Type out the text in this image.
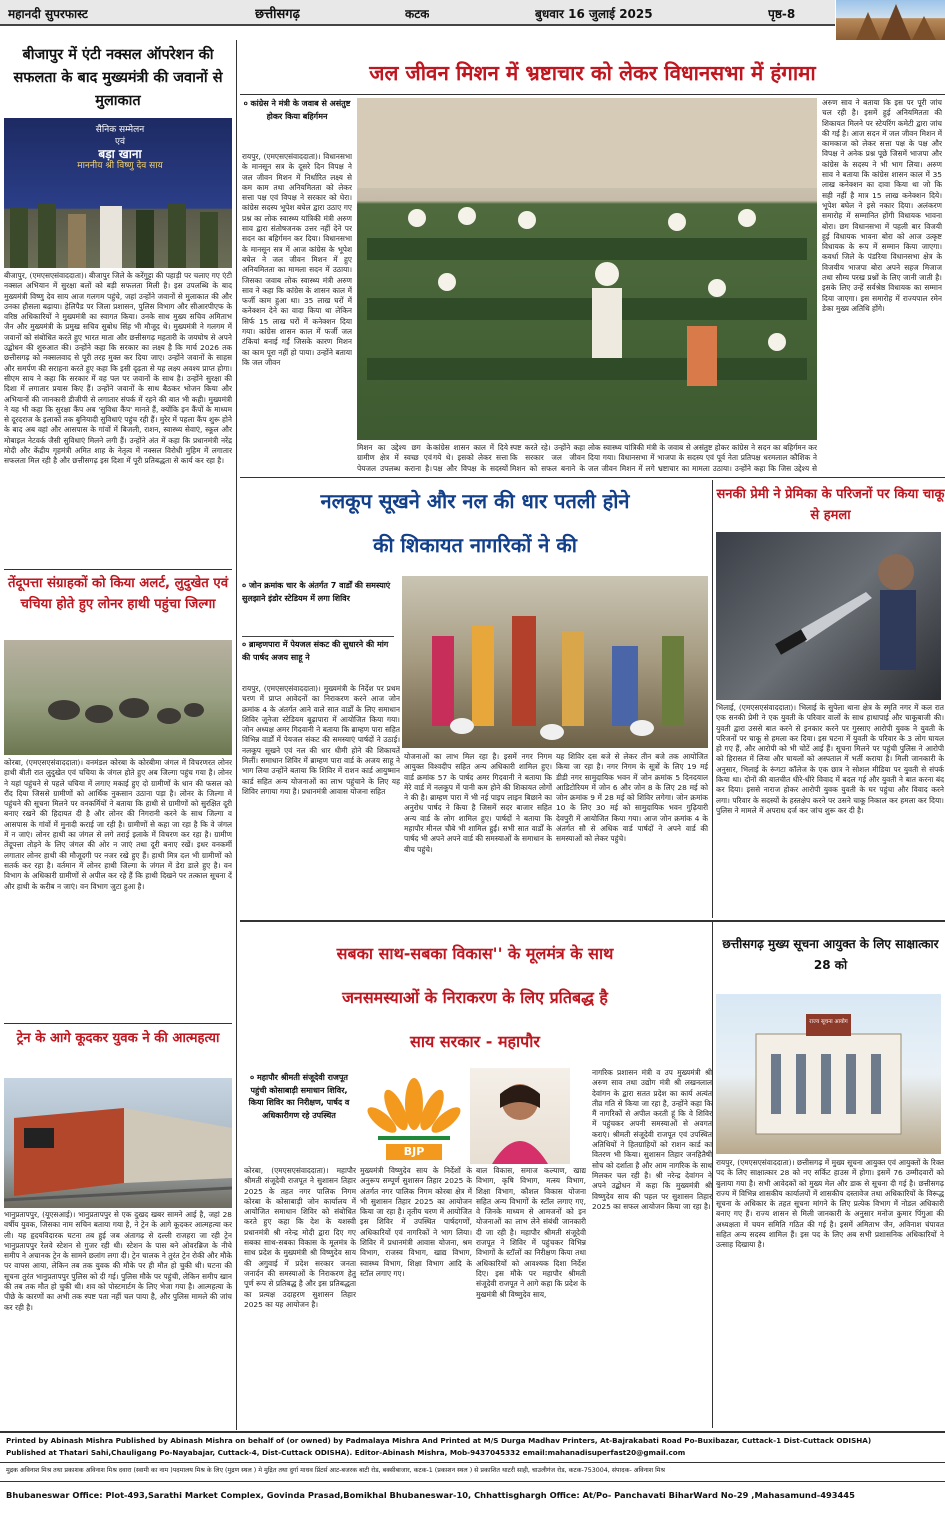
महानदी सुपरफास्ट	छत्तीसगढ़	कटक	बुधवार 16 जुलाई 2025	पृष्ठ-8
जल जीवन मिशन में भ्रष्टाचार को लेकर विधानसभा में हंगामा
बीजापुर में एंटी नक्सल ऑपरेशन की सफलता के बाद मुख्यमंत्री की जवानों से मुलाकात
सैनिक सम्मेलन
एवं
बड़ा खाना
माननीय श्री विष्णु देव साय
बीजापुर, (एमएसएसंवाददाता)। बीजापुर जिले के करेंगुट्टा की पहाड़ी पर चलाए गए एंटी नक्सल अभियान में सुरक्षा बलों को बड़ी सफलता मिली है। इस उपलब्धि के बाद मुख्यमंत्री विष्णु देव साय आज गलगम पहुंचे, जहां उन्होंने जवानों से मुलाकात की और उनका हौसला बढ़ाया। हेलिपैड पर जिला प्रशासन, पुलिस विभाग और सीआरपीएफ के वरिष्ठ अधिकारियों ने मुख्यमंत्री का स्वागत किया। उनके साथ मुख्य सचिव अमिताभ जैन और मुख्यमंत्री के प्रमुख सचिव सुबोध सिंह भी मौजूद थे। मुख्यमंत्री ने गलगम में जवानों को संबोधित करते हुए भारत माता और छत्तीसगढ़ महतारी के जयघोष से अपने उद्बोधन की शुरुआत की। उन्होंने कहा कि सरकार का लक्ष्य है कि मार्च 2026 तक छत्तीसगढ़ को नक्सलवाद से पूरी तरह मुक्त कर दिया जाए। उन्होंने जवानों के साहस और समर्पण की सराहना करते हुए कहा कि इसी दृढ़ता से यह लक्ष्य अवश्य प्राप्त होगा। सीएम साय ने कहा कि सरकार में वह पल पर जवानों के साथ है। उन्होंने सुरक्षा की दिशा में लगातार प्रयास किए हैं। उन्होंने जवानों के साथ बैठकर भोजन किया और अभियानों की जानकारी डीजीपी से लगातार संपर्क में रहने की बात भी कही। मुख्यमंत्री ने यह भी कहा कि सुरक्षा कैंप अब 'सुविधा कैंप' मानते हैं, क्योंकि इन कैंपों के माध्यम से दूरदराज के इलाकों तक बुनियादी सुविधाएं पहुंच रही हैं। मुरेर में पहला कैंप शुरू होने के बाद अब वहां और आसपास के गांवों में बिजली, राशन, स्वास्थ्य सेवाएं, स्कूल और मोबाइल नेटवर्क जैसी सुविधाएं मिलने लगी हैं। उन्होंने अंत में कहा कि प्रधानमंत्री नरेंद्र मोदी और केंद्रीय गृहमंत्री अमित शाह के नेतृत्व में नक्सल विरोधी मुहिम में लगातार सफलता मिल रही है और छत्तीसगढ़ इस दिशा में पूरी प्रतिबद्धता से कार्य कर रहा है।
तेंदूपत्ता संग्राहकों को किया अलर्ट, लुदुखेत एवं चचिया होते हुए लोनर हाथी पहुंचा जिल्गा
कोरबा, (एमएसएसंवाददाता)। वनमंडल कोरबा के कोरबीमा जंगल में विचरणरत लोनर हाथी बीती रात लुदुखेत एवं चचिया के जंगल होते हुए अब जिल्गा पहुंच गया है। लोनर ने यहां पहुंचने से पहले चचिया में लगाए मकाई हुए दो ग्रामीणों के धान की फसल को रौंद दिया जिससे ग्रामीणों को आर्थिक नुकसान उठाना पड़ा है। लोनर के जिल्गा में पहुंचने की सूचना मिलने पर वनकर्मियों ने बताया कि हाथी से ग्रामीणों को सुरक्षित दूरी बनाए रखने की हिदायत दी है और लोनर की निगरानी करने के साथ जिल्गा व आसपास के गांवों में मुनादी कराई जा रही है। ग्रामीणों से कहा जा रहा है कि वे जंगल में न जाएं। लोनर हाथी का जंगल से लगे तराई इलाके में विचरण कर रहा है। ग्रामीण तेंदूपत्ता तोड़ने के लिए जंगल की ओर न जाएं तथा दूरी बनाए रखें। इधर वनकर्मी लगातार लोनर हाथी की मौजूदगी पर नजर रखे हुए हैं। हाथी मित्र दल भी ग्रामीणों को सतर्क कर रहा है। वर्तमान में लोनर हाथी जिल्गा के जंगल में डेरा डाले हुए है। वन विभाग के अधिकारी ग्रामीणों से अपील कर रहे हैं कि हाथी दिखने पर तत्काल सूचना दें और हाथी के करीब न जाएं। वन विभाग जुटा हुआ है।
ट्रेन के आगे कूदकर युवक ने की आत्महत्या
भानुप्रतापपुर, (यूएसआई)। भानुप्रतापपुर से एक दुखद खबर सामने आई है, जहां 28 वर्षीय युवक, जिसका नाम सचिन बताया गया है, ने ट्रेन के आगे कूदकर आत्महत्या कर ली। यह हृदयविदारक घटना तब हुई जब अंतागढ़ से दल्ली राजहरा जा रही ट्रेन भानुप्रतापपुर रेलवे स्टेशन से गुजर रही थी। स्टेशन के पास बने ओवरब्रिज के नीचे समीप ने अचानक ट्रेन के सामने छलांग लगा दी। ट्रेन चालक ने तुरंत ट्रेन रोकी और मौके पर वापस आया, लेकिन तब तक युवक की मौके पर ही मौत हो चुकी थी। घटना की सूचना तुरंत भानुप्रतापपुर पुलिस को दी गई। पुलिस मौके पर पहुंची, लेकिन समीप खान की तब तक मौत हो चुकी थी। शव को पोस्टमार्टम के लिए भेजा गया है। आत्महत्या के पीछे के कारणों का अभी तक स्पष्ट पता नहीं चल पाया है, और पुलिस मामले की जांच कर रही है।
० कांग्रेस ने मंत्री के जवाब से असंतुष्ट होकर किया बहिर्गमन
रायपुर, (एमएसएसंवाददाता)। विधानसभा के मानसून सत्र के दूसरे दिन विपक्ष ने जल जीवन मिशन में निर्धारित लक्ष्य से कम काम तथा अनियमितता को लेकर सत्ता पक्ष एवं विपक्ष ने सरकार को घेरा। कांग्रेस सदस्य भूपेश बघेल द्वारा उठाए गए प्रश्न का लोक स्वास्थ्य यांत्रिकी मंत्री अरुण साव द्वारा संतोषजनक उत्तर नहीं देने पर सदन का बहिर्गमन कर दिया। विधानसभा के मानसून सत्र में आज कांग्रेस के भूपेश बघेल ने जल जीवन मिशन में हुए अनियमितता का मामला सदन में उठाया। जिसका जवाब लोक स्वास्थ्य मंत्री अरुण साव ने कहा कि कांग्रेस के शासन काल में फर्जी काम हुआ था। 35 लाख घरों में कनेक्शन देने का वादा किया था लेकिन सिर्फ 15 लाख घरों में कनेक्शन दिया गया। कांग्रेस शासन काल में फर्जी जल टंकियां बनाई गईं जिसके कारण मिशन का काम पूरा नहीं हो पाया। उन्होंने बताया कि जल जीवन
मिशन का उद्देश्य छग के ग्रामीण क्षेत्र में स्वच्छ एवं पेयजल उपलब्ध कराना है।
कांग्रेस शासन काल में दिये गये थे। इसको लेकर सत्ता पक्ष और विपक्ष के सदस्यों
स्पष्ट करते रहे। उन्होंने कहा कि सरकार जल जीवन मिशन को सफल बनाने के
लोक स्वास्थ्य यांत्रिकी मंत्री के जवाब से असंतुष्ट होकर कांग्रेस ने सदन का बहिर्गमन कर दिया गया। विधानसभा में भाजपा के सदस्य एवं पूर्व नेता प्रतिपक्ष धरमलाल कौशिक ने जल जीवन मिशन में लगे भ्रष्टाचार का मामला उठाया। उन्होंने कहा कि जिस उद्देश्य से
अरुण साव ने बताया कि इस पर पूरी जांच चल रही है। इसमें हुई अनियमितता की शिकायत मिलने पर स्टेयरिंग कमेटी द्वारा जांच की गई है। आज सदन में जल जीवन मिशन में कामकाज को लेकर सत्ता पक्ष के पक्ष और विपक्ष ने अनेक प्रश्न पूछे जिसमें भाजपा और कांग्रेस के सदस्य ने भी भाग लिया। अरुण साव ने बताया कि कांग्रेस शासन काल में 35 लाख कनेक्शन का दावा किया था जो कि सही नहीं है मात्र 15 लाख कनेक्शन दिये। भूपेश बघेल ने इसे नकार दिया। अलंकरण समारोह में सम्मानित होंगी विधायक भावना बोरा। छग विधानसभा में पहली बार विजयी हुई विधायक भावना बोरा को आज उत्कृष्ट विधायक के रूप में सम्मान किया जाएगा। कवर्धा जिले के पंडरिया विधानसभा क्षेत्र के विजयीय भाजपा बोरा अपने सहज मिजाज तथा सौम्य परख प्रश्नों के लिए जानी जाती है। इसके लिए उन्हें सर्वश्रेष्ठ विधायक का सम्मान दिया जाएगा। इस समारोह में राज्यपाल रमेन डेका मुख्य अतिथि होंगे।
नलकूप सूखने और नल की धार पतली होने
की शिकायत नागरिकों ने की
० जोन क्रमांक चार के अंतर्गत 7 वार्डों की समस्याएं सुलझाने इंडोर स्टेडियम में लगा शिविर
० ब्राम्हणपारा में पेयजल संकट की सुधारने की मांग की पार्षद अजय साहू ने
रायपुर, (एमएसएसंवाददाता)। मुख्यमंत्री के निर्देश पर प्रथम चरण में प्राप्त आवेदनों का निराकरण करने आज जोन क्रमांक 4 के अंतर्गत आने वाले सात वार्डों के लिए समाधान शिविर जूनेजा स्टेडियम बूढ़ापारा में आयोजित किया गया। जोन अध्यक्ष अमर गिदवानी ने बताया कि ब्राम्हण पारा सहित विभिन्न वार्डों में पेयजल संकट की समस्याएं पार्षदों ने उठाई। नलकूप सूखने एवं नल की धार धीमी होने की शिकायतें मिलीं। समाधान शिविर में ब्राम्हण पारा वार्ड के अजय साहू ने भाग लिया उन्होंने बताया कि शिविर में राशन कार्ड आयुष्मान कार्ड सहित अन्य योजनाओं का लाभ पहुंचाने के लिए यह शिविर लगाया गया है। प्रधानमंत्री आवास योजना सहित
योजनाओं का लाभ मिल रहा है। इसमें नगर निगम आयुक्त विश्वदीप सहित अन्य अधिकारी शामिल हुए। वार्ड क्रमांक 57 के पार्षद अमर गिदवानी ने बताया कि मेरे वार्ड में नलकूप में पानी कम होने की शिकायत लोगों ने की है। ब्राम्हण पारा में भी नई पाइप लाइन बिछाने का अनुरोध पार्षद ने किया है जिसमें सदर बाजार सहित अन्य वार्ड के लोग शामिल हुए। पार्षदों ने बताया कि महापौर मीनल चौबे भी शामिल हुईं। सभी सात वार्डों के पार्षद भी अपने अपने वार्ड की समस्याओं के समाधान के बीच पहुंचे।
यह शिविर दस बजे से लेकर तीन बजे तक आयोजित किया जा रहा है। नगर निगम के सूत्रों के लिए 19 मई डीडी नगर सामुदायिक भवन में जोन क्रमांक 5 दिनदयाल आडिटोरियम में जोन 6 और जोन 8 के लिए 28 मई को जोन क्रमांक 9 में 28 मई को शिविर लगेगा। जोन क्रमांक 10 के लिए 30 मई को सामुदायिक भवन गुढ़ियारी देवपुरी में आयोजित किया गया। आज जोन क्रमांक 4 के अंतर्गत सौ से अधिक वार्ड पार्षदों ने अपने वार्ड की समस्याओं को लेकर पहुंचे।
सनकी प्रेमी ने प्रेमिका के परिजनों पर किया चाकू से हमला
भिलाई, (एमएसएसंवाददाता)। भिलाई के सुपेला थाना क्षेत्र के स्मृति नगर में कल रात एक सनकी प्रेमी ने एक युवती के परिवार वालों के साथ हाथापाई और चाकूबाजी की। युवती द्वारा उससे बात करने से इनकार करने पर गुस्साए आरोपी युवक ने युवती के परिजनों पर चाकू से हमला कर दिया। इस घटना में युवती के परिवार के 3 लोग घायल हो गए हैं, और आरोपी को भी चोटें आई हैं। सूचना मिलने पर पहुंची पुलिस ने आरोपी को हिरासत में लिया और घायलों को अस्पताल में भर्ती कराया है। मिली जानकारी के अनुसार, भिलाई के रूंगटा कॉलेज के एक छात्र ने सोशल मीडिया पर युवती से संपर्क किया था। दोनों की बातचीत धीरे-धीरे विवाद में बदल गई और युवती ने बात करना बंद कर दिया। इससे नाराज होकर आरोपी युवक युवती के घर पहुंचा और विवाद करने लगा। परिवार के सदस्यों के हस्तक्षेप करने पर उसने चाकू निकाल कर हमला कर दिया। पुलिस ने मामले में अपराध दर्ज कर जांच शुरू कर दी है।
सबका साथ-सबका विकास'' के मूलमंत्र के साथ
जनसमस्याओं के निराकरण के लिए प्रतिबद्ध है
साय सरकार - महापौर
० महापौर श्रीमती संजूदेवी राजपूत पहुंची कोसाबाड़ी समाधान शिविर, किया शिविर का निरीक्षण, पार्षद व अधिकारीगण रहे उपस्थित
BJP
कोरबा, (एमएसएसंवाददाता)। महापौर श्रीमती संजूदेवी राजपूत ने सुशासन तिहार 2025 के तहत नगर पालिक निगम कोरबा के कोसाबाड़ी जोन कार्यालय में आयोजित समाधान शिविर को संबोधित करते हुए कहा कि देश के यशस्वी प्रधानमंत्री श्री नरेन्द्र मोदी द्वारा दिए गए सबका साथ-सबका विकास के मूलमंत्र के साथ प्रदेश के मुख्यमंत्री श्री विष्णुदेव साय की अगुवाई में प्रदेश सरकार जनता जनार्दन की समस्याओं के निराकरण हेतु पूर्ण रूप से प्रतिबद्ध है और इस प्रतिबद्धता का प्रत्यक्ष उदाहरण सुशासन तिहार 2025 का यह आयोजन है।
मुख्यमंत्री विष्णुदेव साय के निर्देशों के अनुरूप सम्पूर्ण सुशासन तिहार 2025 के अंतर्गत नगर पालिक निगम कोरबा क्षेत्र में भी सुशासन तिहार 2025 का आयोजन किया जा रहा है। तृतीय चरण में आयोजित इस शिविर में उपस्थित पार्षदगणों, अधिकारियों एवं नागरिकों ने भाग लिया। शिविर में प्रधानमंत्री आवास योजना, श्रम विभाग, राजस्व विभाग, खाद्य विभाग, स्वास्थ्य विभाग, शिक्षा विभाग आदि के स्टॉल लगाए गए।
बाल विकास, समाज कल्याण, खाद्य विभाग, कृषि विभाग, मत्स्य विभाग, शिक्षा विभाग, कौशल विकास योजना सहित अन्य विभागों के स्टॉल लगाए गए, वे जिनके माध्यम से आमजनों को इन योजनाओं का लाभ लेने संबंधी जानकारी दी जा रही है। महापौर श्रीमती संजूदेवी राजपूत ने शिविर में पहुंचकर विभिन्न विभागों के स्टॉलों का निरीक्षण किया तथा अधिकारियों को आवश्यक दिशा निर्देश दिए। इस मौके पर महापौर श्रीमती संजूदेवी राजपूत ने आगे कहा कि प्रदेश के मुखमंत्री श्री विष्णुदेव साय,
नागरिक प्रशासन मंत्री व उप मुख्यमंत्री श्री अरुण साव तथा उद्योग मंत्री श्री लखनलाल देवांगन के द्वारा सतत प्रदेश का कार्य अत्यंत तीव्र गति से किया जा रहा है, उन्होंने कहा कि मैं नागरिकों से अपील करती हूं कि वे शिविर में पहुंचकर अपनी समस्याओं से अवगत कराएं। श्रीमती संजूदेवी राजपूत एवं उपस्थित अतिथियों ने हितग्राहियों को राशन कार्ड का वितरण भी किया। सुशासन तिहार जनहितैषी सोच को दर्शाता है और आम नागरिक के साथ मिलकर चल रही है। श्री नरेन्द्र देवांगन ने अपने उद्बोधन में कहा कि मुख्यमंत्री श्री विष्णुदेव साय की पहल पर सुशासन तिहार 2025 का सफल आयोजन किया जा रहा है।
छत्तीसगढ़ मुख्य सूचना आयुक्त के लिए साक्षात्कार 28 को
राज्य सूचना आयोग
रायपुर, (एमएसएसंवाददाता)। छत्तीसगढ़ में मुख्य सूचना आयुक्त एवं आयुक्तों के रिक्त पद के लिए साक्षात्कार 28 को नए सर्किट हाउस में होगा। इसमें 76 उम्मीदवारों को बुलाया गया है। सभी आवेदकों को मुख्य मेल और डाक से सूचना दी गई है। छत्तीसगढ़ राज्य में विभिन्न शासकीय कार्यालयों में शासकीय दस्तावेज तथा अधिकारियों के विरूद्ध सूचना के अधिकार के तहत सूचना मांगने के लिए प्रत्येक विभाग में नोडल अधिकारी बनाए गए हैं। राज्य शासन से मिली जानकारी के अनुसार मनोज कुमार पिंगुआ की अध्यक्षता में चयन समिति गठित की गई है। इसमें अमिताभ जैन, अविनाश चंपावत सहित अन्य सदस्य शामिल हैं। इस पद के लिए अब सभी प्रशासनिक अधिकारियों ने उत्साह दिखाया है।
Printed by Abinash Mishra Published by Abinash Mishra on behalf of (or owned) by Padmalaya Mishra And Printed at M/S Durga Madhav Printers, At-Bajrakabati Road Po-Buxibazar, Cuttack-1 Dist-Cuttack ODISHA)
Published at Thatari Sahi,Chauligang Po-Nayabajar, Cuttack-4, Dist-Cuttack ODISHA). Editor-Abinash Mishra, Mob-9437045332 email:mahanadisuperfast20@gmail.com
मुद्रक अविनाश मिश्र तथा प्रकाशक अविनाश मिश्र दवारा (स्वामी का नाम )पदमालय मिश्र के लिए (मुद्रण स्थल ) मे मुद्रित तथा दुर्गा माधव प्रिंटर्स आट-बजरक बाटी रोड, बक्सीबाजार, कटक-1 (प्रकाशन स्थल ) से प्रकाशित थाटरी साही, चाउलीगंज रोड, कटक-753004, संपादक- अविनाश मिश्र
Bhubaneswar Office: Plot-493,Sarathi Market Complex, Govinda Prasad,Bomikhal Bhubaneswar-10, Chhattisghargh Office: At/Po- Panchavati BiharWard No-29 ,Mahasamund-493445
